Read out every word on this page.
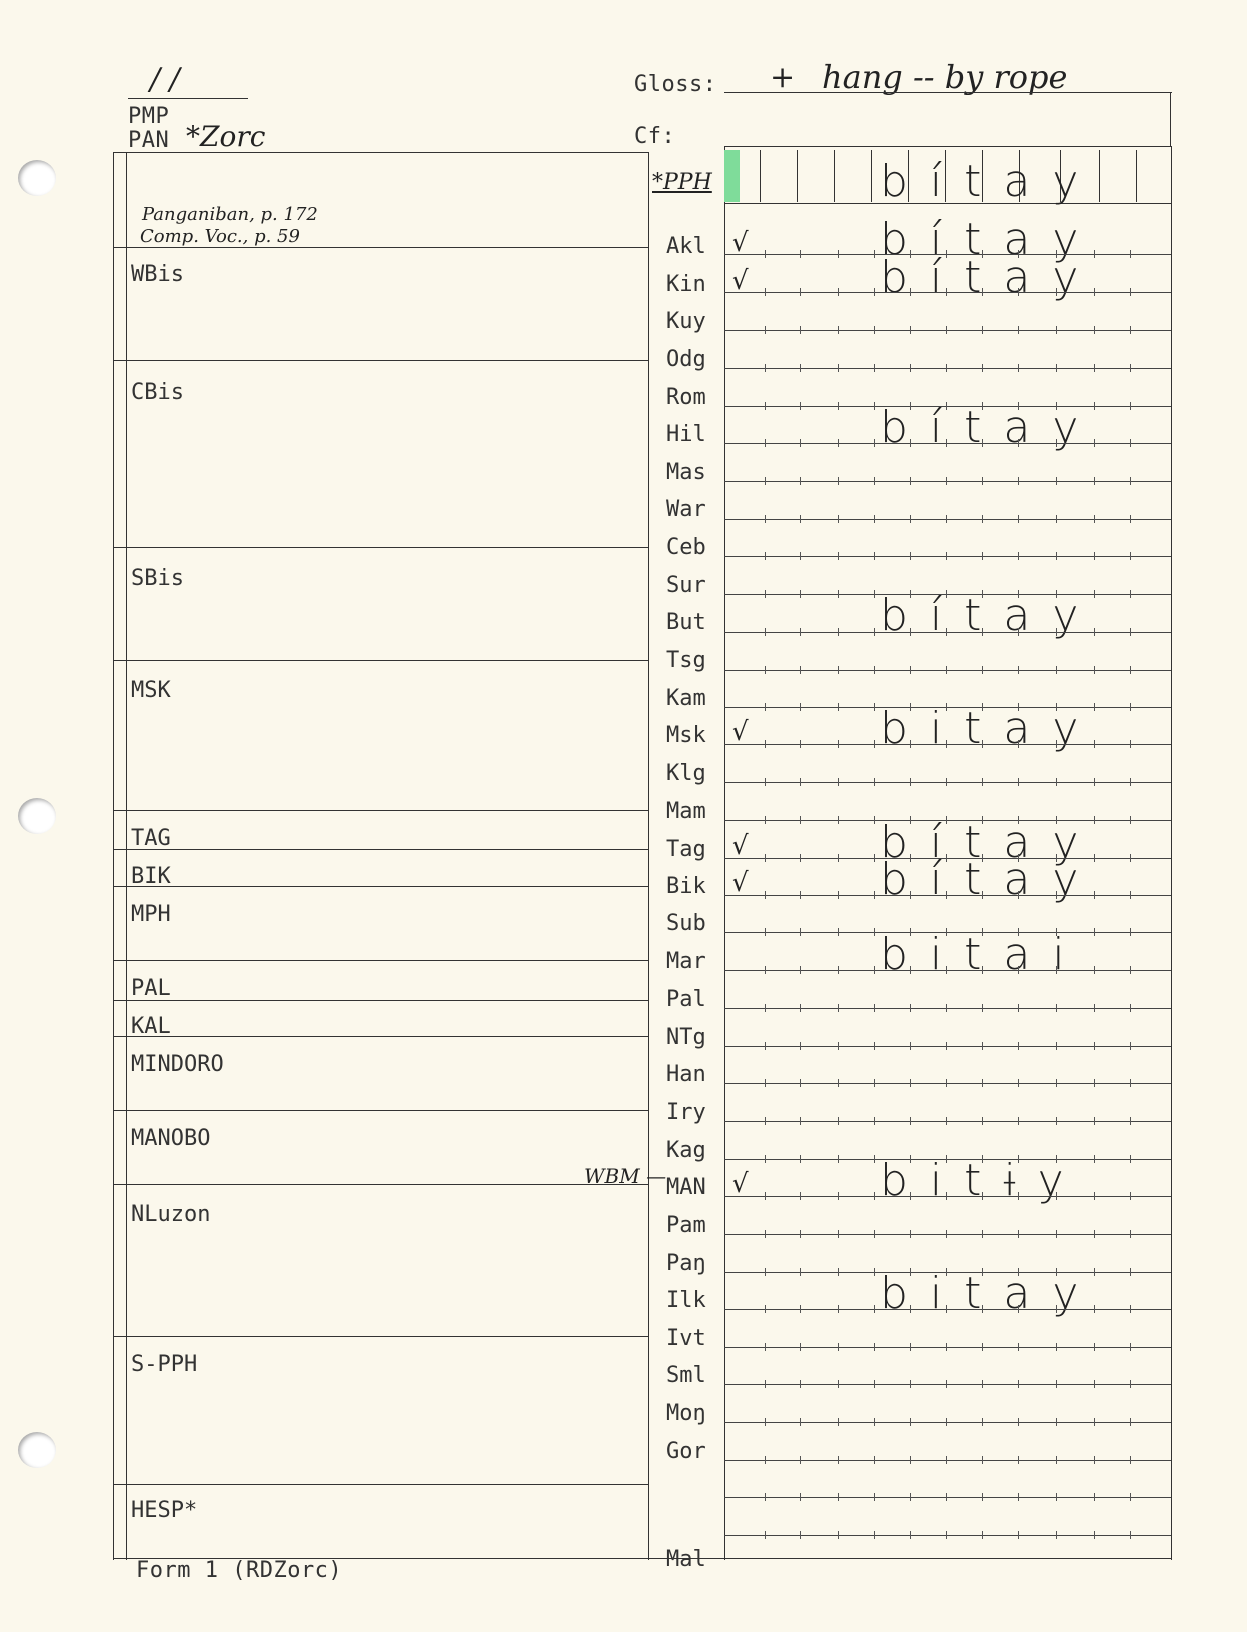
/ /
PMP
PAN *Zorc
Gloss: + hang -- by rope
Cf:
Panganiban, p. 172
Comp. Voc., p. 59
WBis
CBis
SBis
MSK
TAG
BIK
MPH
PAL
KAL
MINDORO
MANOBO
NLuzon
S-PPH
HESP*
WBM —
*PPH	bítay
Akl	√	bítay
Kin	√	bítay
Kuy
Odg
Rom
Hil	bítay
Mas
War
Ceb
Sur
But	bítay
Tsg
Kam
Msk	√	bitay
Klg
Mam
Tag	√	bítay
Bik	√	bítay
Sub
Mar	bitai
Pal
NTg
Han
Iry
Kag
MAN	√	bitɨy
Pam
Paŋ
Ilk	bitay
Ivt
Sml
Moŋ
Gor
Mal
Form 1 (RDZorc)
